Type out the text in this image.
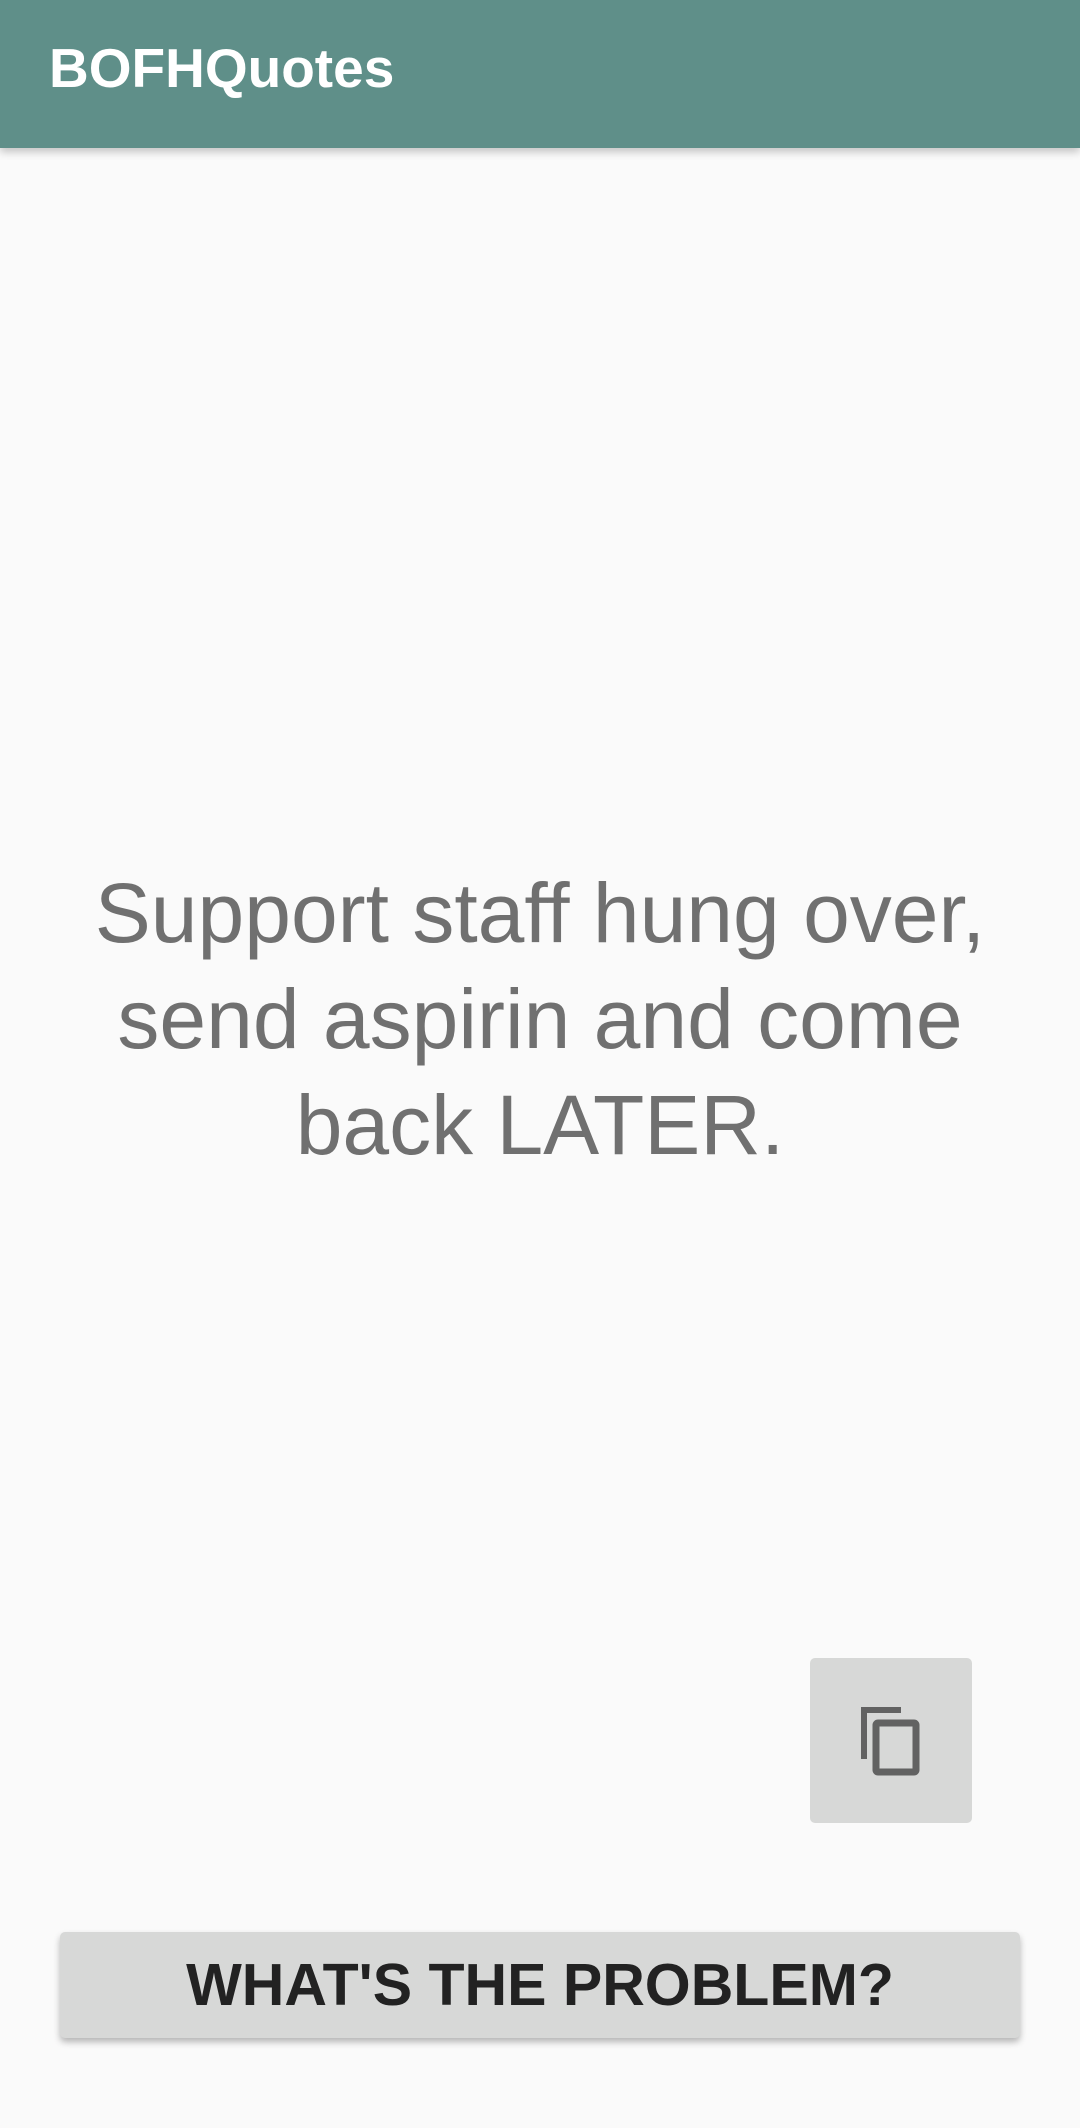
BOFHQuotes

Support staff hung over, send aspirin and come back LATER.

WHAT'S THE PROBLEM?
